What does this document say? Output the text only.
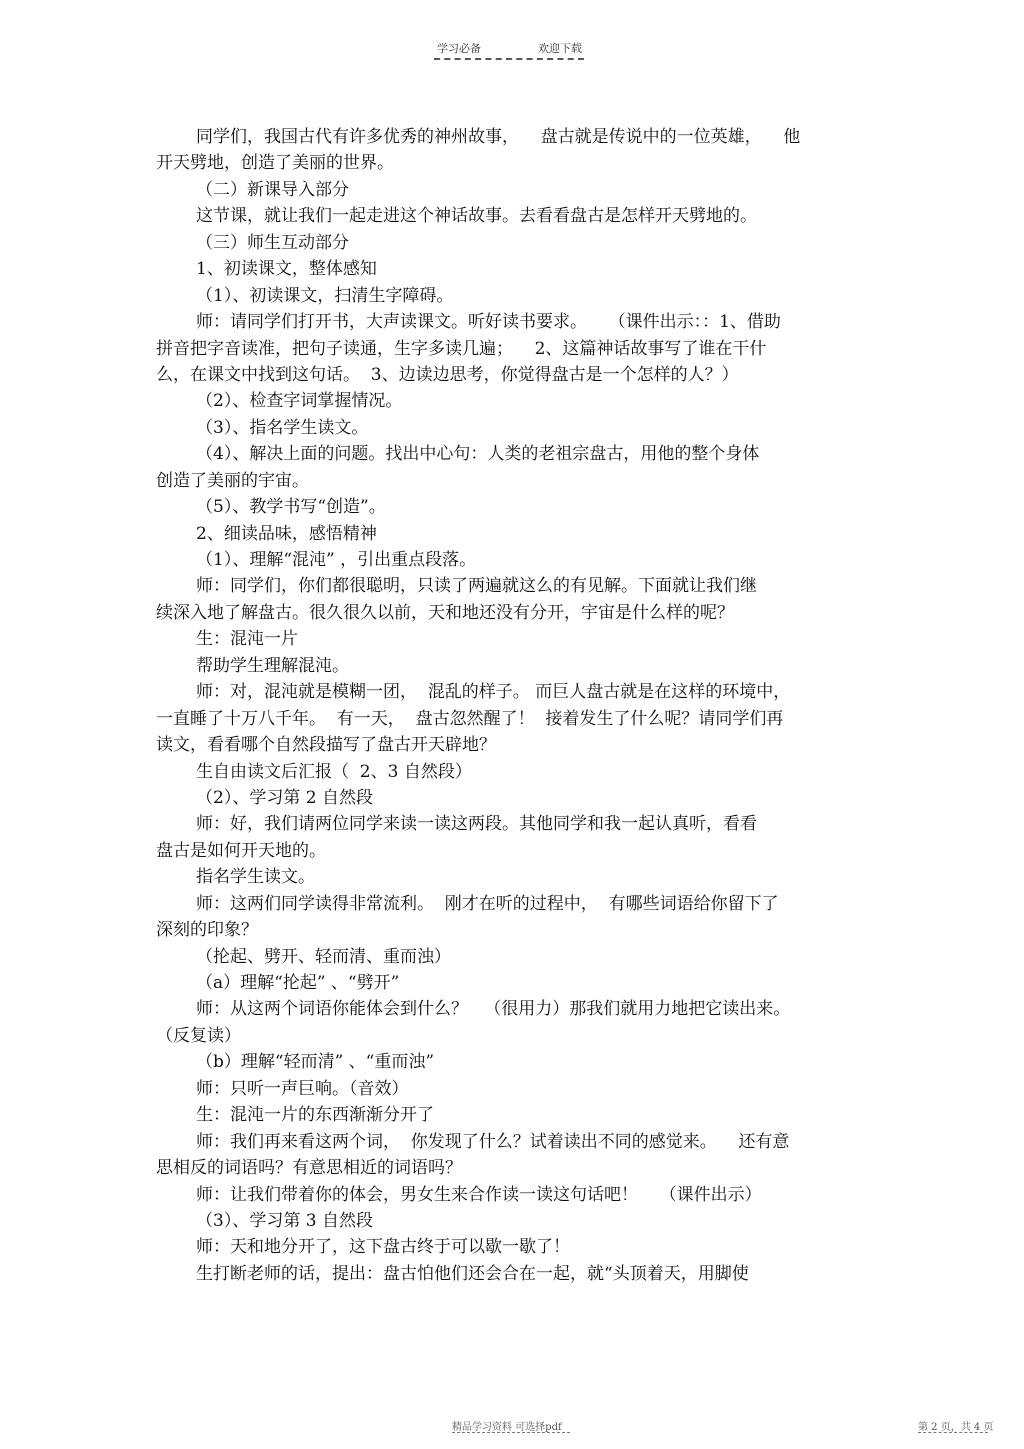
学习必备	欢迎下载
同学们，我国古代有许多优秀的神州故事，    盘古就是传说中的一位英雄，    他
开天劈地，创造了美丽的世界。
（二）新课导入部分
这节课，就让我们一起走进这个神话故事。去看看盘古是怎样开天劈地的。
（三）师生互动部分
1、初读课文，整体感知
（1）、初读课文，扫清生字障碍。
师：请同学们打开书，大声读课文。听好读书要求。    （课件出示：：1、借助
拼音把字音读准，把句子读通，生字多读几遍；    2、这篇神话故事写了谁在干什
么，在课文中找到这句话。  3、边读边思考，你觉得盘古是一个怎样的人？）
（2）、检查字词掌握情况。
（3）、指名学生读文。
（4）、解决上面的问题。找出中心句：人类的老祖宗盘古，用他的整个身体
创造了美丽的宇宙。
（5）、教学书写“创造”。
2、细读品味，感悟精神
（1）、理解“混沌” ，引出重点段落。
师：同学们，你们都很聪明，只读了两遍就这么的有见解。下面就让我们继
续深入地了解盘古。很久很久以前，天和地还没有分开，宇宙是什么样的呢？
生：混沌一片
帮助学生理解混沌。
师：对，混沌就是模糊一团，  混乱的样子。 而巨人盘古就是在这样的环境中，
一直睡了十万八千年。  有一天，  盘古忽然醒了！  接着发生了什么呢？请同学们再
读文，看看哪个自然段描写了盘古开天辟地？
生自由读文后汇报（  2、3 自然段）
（2）、学习第 2 自然段
师：好，我们请两位同学来读一读这两段。其他同学和我一起认真听，看看
盘古是如何开天地的。
指名学生读文。
师：这两们同学读得非常流利。  刚才在听的过程中，  有哪些词语给你留下了
深刻的印象？
（抡起、劈开、轻而清、重而浊）
（a）理解“抡起” 、“劈开”
师：从这两个词语你能体会到什么？   （很用力）那我们就用力地把它读出来。
（反复读）
（b）理解“轻而清” 、“重而浊”
师：只听一声巨响。（音效）
生：混沌一片的东西渐渐分开了
师：我们再来看这两个词，  你发现了什么？试着读出不同的感觉来。    还有意
思相反的词语吗？有意思相近的词语吗？
师：让我们带着你的体会，男女生来合作读一读这句话吧！    （课件出示）
（3）、学习第 3 自然段
师：天和地分开了，这下盘古终于可以歇一歇了！
生打断老师的话，提出：盘古怕他们还会合在一起，就“头顶着天，用脚使
精品学习资料 可选择pdf	第 2 页，共 4 页
